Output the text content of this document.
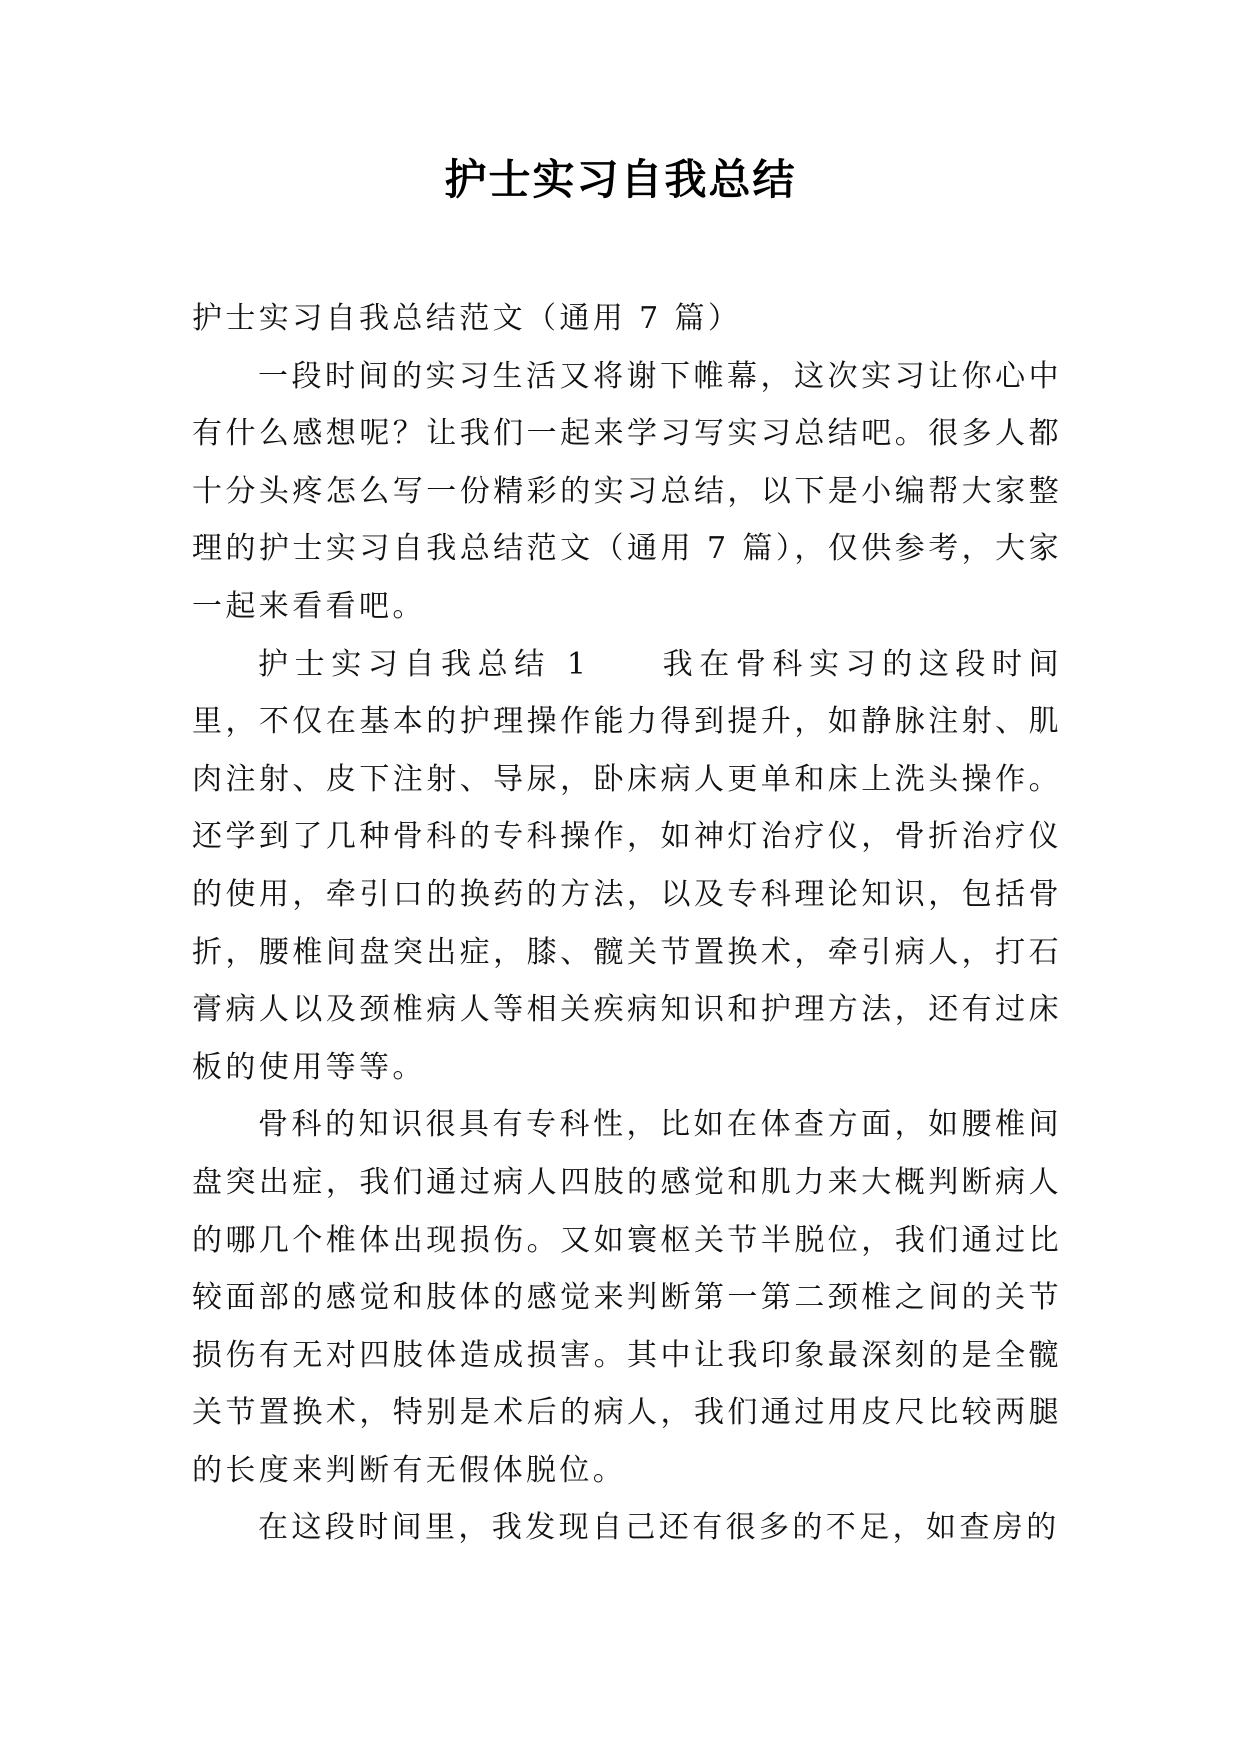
护士实习自我总结

护士实习自我总结范文（通用 7 篇）

一段时间的实习生活又将谢下帷幕，这次实习让你心中有什么感想呢？让我们一起来学习写实习总结吧。很多人都十分头疼怎么写一份精彩的实习总结，以下是小编帮大家整理的护士实习自我总结范文（通用 7 篇），仅供参考，大家一起来看看吧。

护士实习自我总结 1 我在骨科实习的这段时间里，不仅在基本的护理操作能力得到提升，如静脉注射、肌肉注射、皮下注射、导尿，卧床病人更单和床上洗头操作。还学到了几种骨科的专科操作，如神灯治疗仪，骨折治疗仪的使用，牵引口的换药的方法，以及专科理论知识，包括骨折，腰椎间盘突出症，膝、髋关节置换术，牵引病人，打石膏病人以及颈椎病人等相关疾病知识和护理方法，还有过床板的使用等等。

骨科的知识很具有专科性，比如在体查方面，如腰椎间盘突出症，我们通过病人四肢的感觉和肌力来大概判断病人的哪几个椎体出现损伤。又如寰枢关节半脱位，我们通过比较面部的感觉和肢体的感觉来判断第一第二颈椎之间的关节损伤有无对四肢体造成损害。其中让我印象最深刻的是全髋关节置换术，特别是术后的病人，我们通过用皮尺比较两腿的长度来判断有无假体脱位。

在这段时间里，我发现自己还有很多的不足，如查房的
